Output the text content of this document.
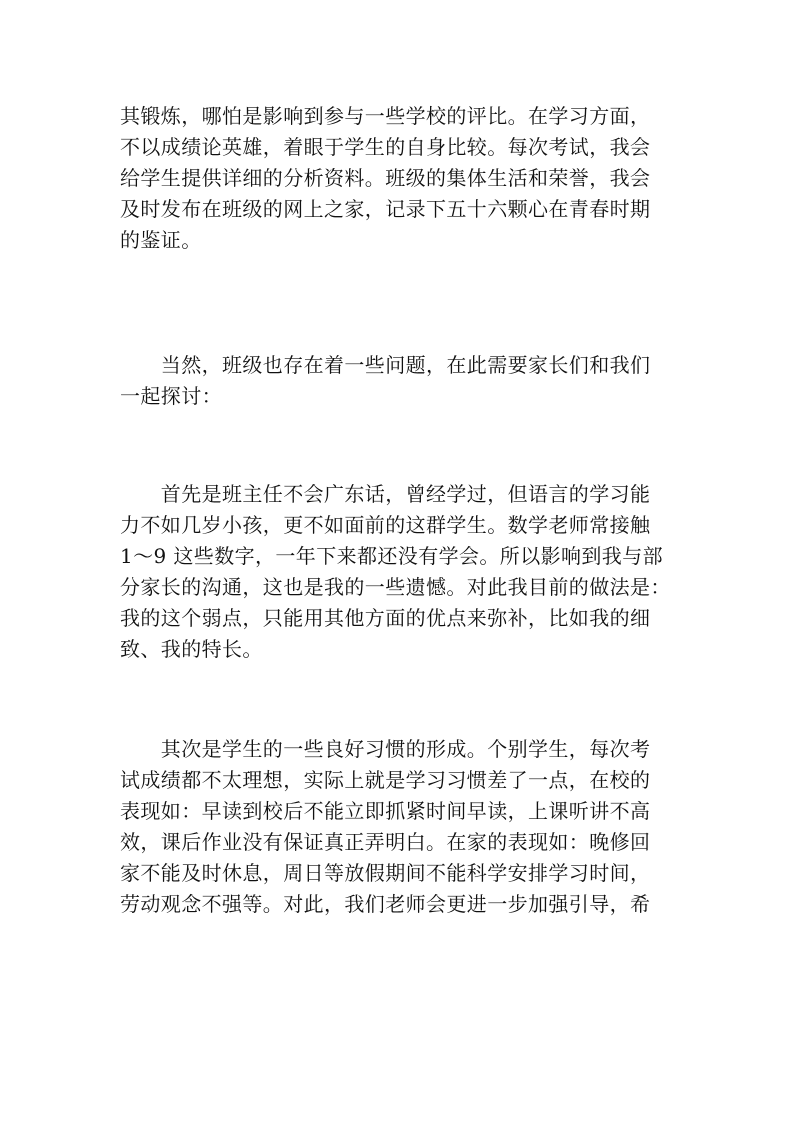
其锻炼，哪怕是影响到参与一些学校的评比。在学习方面，
不以成绩论英雄，着眼于学生的自身比较。每次考试，我会
给学生提供详细的分析资料。班级的集体生活和荣誉，我会
及时发布在班级的网上之家，记录下五十六颗心在青春时期
的鉴证。
　　当然，班级也存在着一些问题，在此需要家长们和我们
一起探讨：
　　首先是班主任不会广东话，曾经学过，但语言的学习能
力不如几岁小孩，更不如面前的这群学生。数学老师常接触
1～9 这些数字，一年下来都还没有学会。所以影响到我与部
分家长的沟通，这也是我的一些遗憾。对此我目前的做法是：
我的这个弱点，只能用其他方面的优点来弥补，比如我的细
致、我的特长。
　　其次是学生的一些良好习惯的形成。个别学生，每次考
试成绩都不太理想，实际上就是学习习惯差了一点，在校的
表现如：早读到校后不能立即抓紧时间早读，上课听讲不高
效，课后作业没有保证真正弄明白。在家的表现如：晚修回
家不能及时休息，周日等放假期间不能科学安排学习时间，
劳动观念不强等。对此，我们老师会更进一步加强引导，希
